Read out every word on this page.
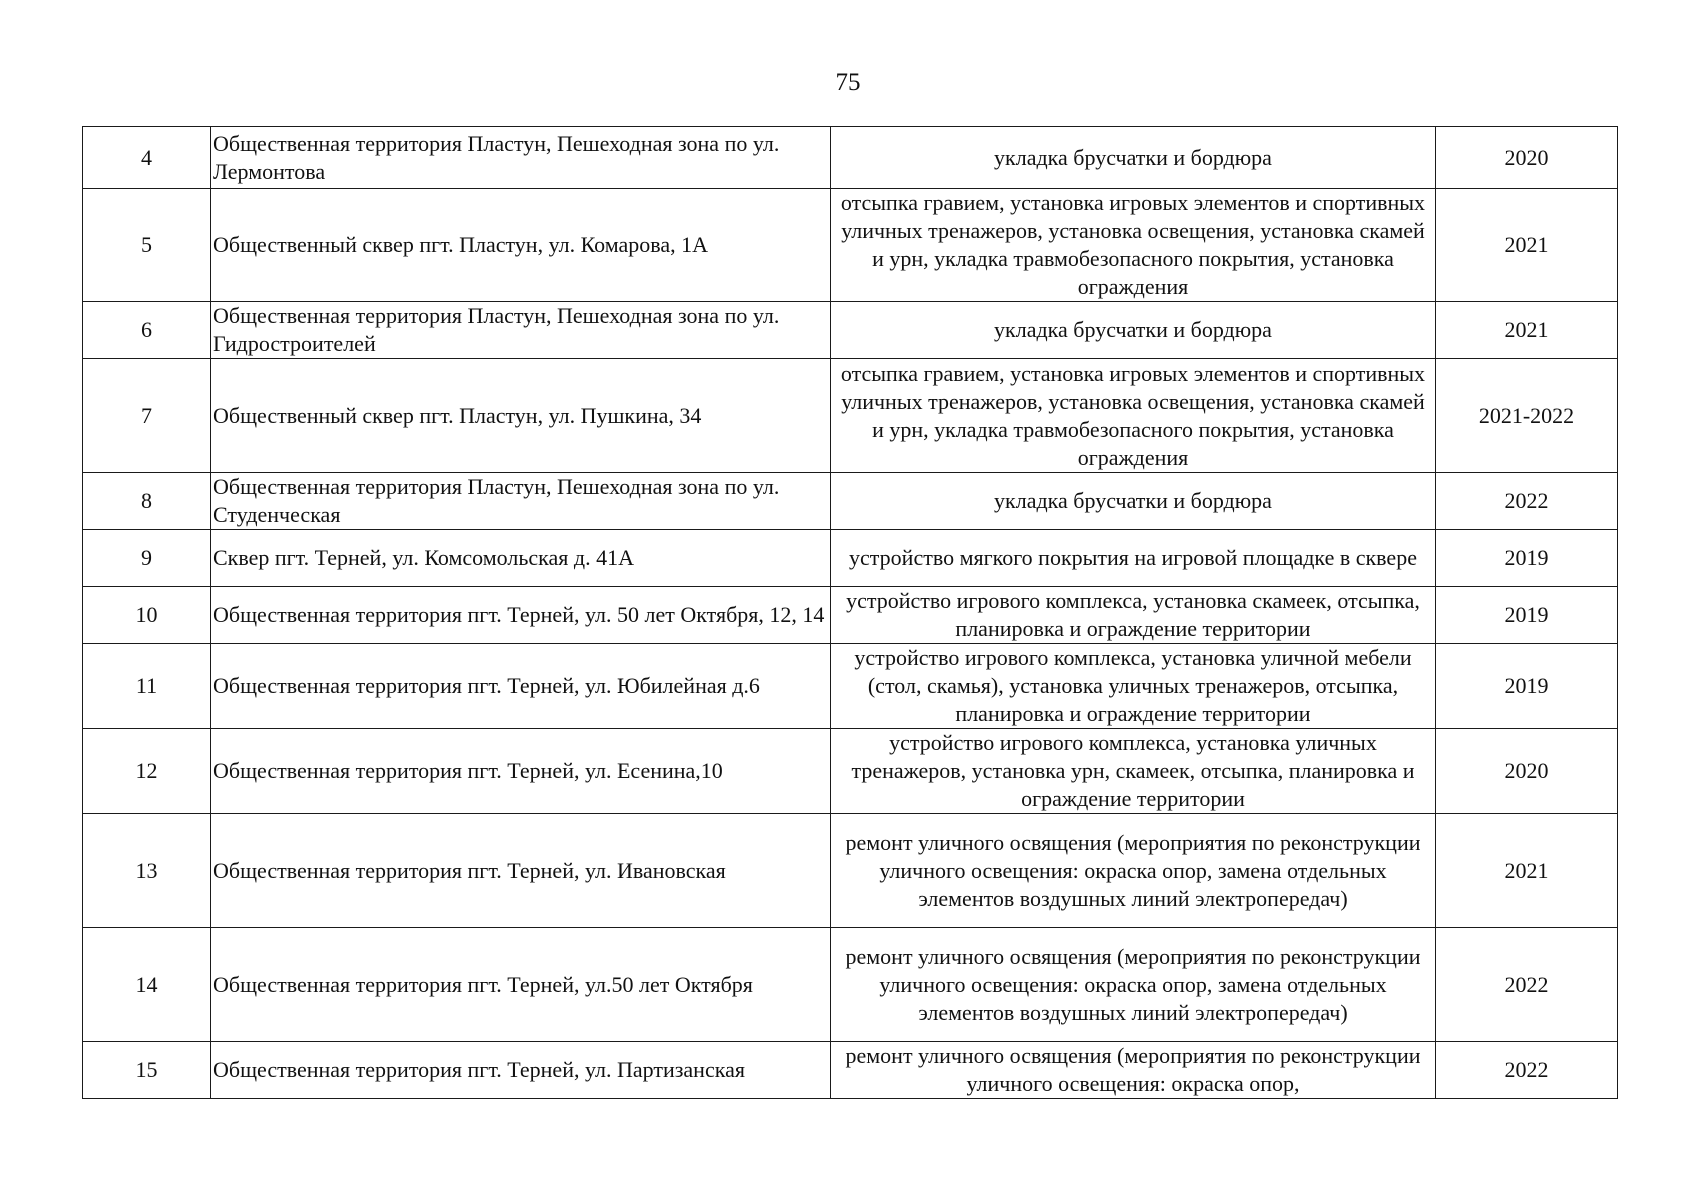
75
4	Общественная территория Пластун, Пешеходная зона по ул. Лермонтова	укладка брусчатки и бордюра	2020
5	Общественный сквер пгт. Пластун, ул. Комарова, 1А	отсыпка гравием, установка игровых элементов и спортивных уличных тренажеров, установка освещения, установка скамей и урн, укладка травмобезопасного покрытия, установка ограждения	2021
6	Общественная территория Пластун, Пешеходная зона по ул. Гидростроителей	укладка брусчатки и бордюра	2021
7	Общественный сквер пгт. Пластун, ул. Пушкина, 34	отсыпка гравием, установка игровых элементов и спортивных уличных тренажеров, установка освещения, установка скамей и урн, укладка травмобезопасного покрытия, установка ограждения	2021-2022
8	Общественная территория Пластун, Пешеходная зона по ул. Студенческая	укладка брусчатки и бордюра	2022
9	Сквер пгт. Терней, ул. Комсомольская д. 41А	устройство мягкого покрытия на игровой площадке в сквере	2019
10	Общественная территория пгт. Терней, ул. 50 лет Октября, 12, 14	устройство игрового комплекса, установка скамеек, отсыпка, планировка и ограждение территории	2019
11	Общественная территория пгт. Терней, ул. Юбилейная д.6	устройство игрового комплекса, установка уличной мебели (стол, скамья), установка уличных тренажеров, отсыпка, планировка и ограждение территории	2019
12	Общественная территория пгт. Терней, ул. Есенина,10	устройство игрового комплекса, установка уличных тренажеров, установка урн, скамеек, отсыпка, планировка и ограждение территории	2020
13	Общественная территория пгт. Терней, ул. Ивановская	ремонт уличного освящения (мероприятия по реконструкции уличного освещения: окраска опор, замена отдельных элементов воздушных линий электропередач)	2021
14	Общественная территория пгт. Терней, ул.50 лет Октября	ремонт уличного освящения (мероприятия по реконструкции уличного освещения: окраска опор, замена отдельных элементов воздушных линий электропередач)	2022
15	Общественная территория пгт. Терней, ул. Партизанская	ремонт уличного освящения (мероприятия по реконструкции уличного освещения: окраска опор,	2022
